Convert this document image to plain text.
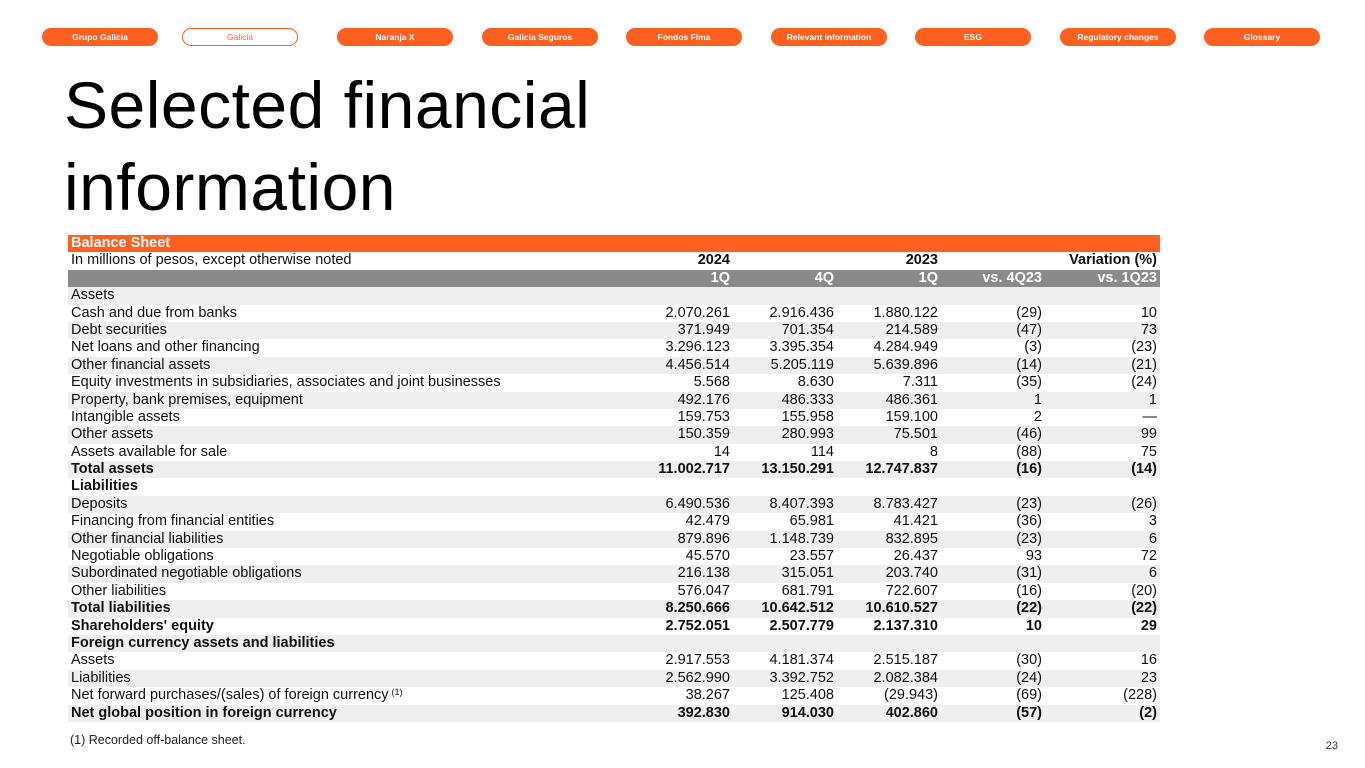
Grupo Galicia	Galicia	Naranja X	Galicia Seguros	Fondos Fima	Relevant information	ESG	Regulatory changes	Glossary
Selected financial information
Balance Sheet
In millions of pesos, except otherwise noted	2024	2023	Variation (%)
1Q	4Q	1Q	vs. 4Q23	vs. 1Q23
Assets
Cash and due from banks	2.070.261	2.916.436	1.880.122	(29)	10
Debt securities	371.949	701.354	214.589	(47)	73
Net loans and other financing	3.296.123	3.395.354	4.284.949	(3)	(23)
Other financial assets	4.456.514	5.205.119	5.639.896	(14)	(21)
Equity investments in subsidiaries, associates and joint businesses	5.568	8.630	7.311	(35)	(24)
Property, bank premises, equipment	492.176	486.333	486.361	1	1
Intangible assets	159.753	155.958	159.100	2	—
Other assets	150.359	280.993	75.501	(46)	99
Assets available for sale	14	114	8	(88)	75
Total assets	11.002.717 13.150.291 12.747.837	(16)	(14)
Liabilities
Deposits	6.490.536	8.407.393	8.783.427	(23)	(26)
Financing from financial entities	42.479	65.981	41.421	(36)	3
Other financial liabilities	879.896	1.148.739	832.895	(23)	6
Negotiable obligations	45.570	23.557	26.437	93	72
Subordinated negotiable obligations	216.138	315.051	203.740	(31)	6
Other liabilities	576.047	681.791	722.607	(16)	(20)
Total liabilities	8.250.666 10.642.512 10.610.527	(22)	(22)
Shareholders' equity	2.752.051	2.507.779	2.137.310	10	29
Foreign currency assets and liabilities
Assets	2.917.553	4.181.374	2.515.187	(30)	16
Liabilities	2.562.990	3.392.752	2.082.384	(24)	23
Net forward purchases/(sales) of foreign currency $^{(1)}$	38.267	125.408	(29.943)	(69)	(228)
Net global position in foreign currency	392.830	914.030	402.860	(57)	(2)
(1) Recorded off-balance sheet.	23
